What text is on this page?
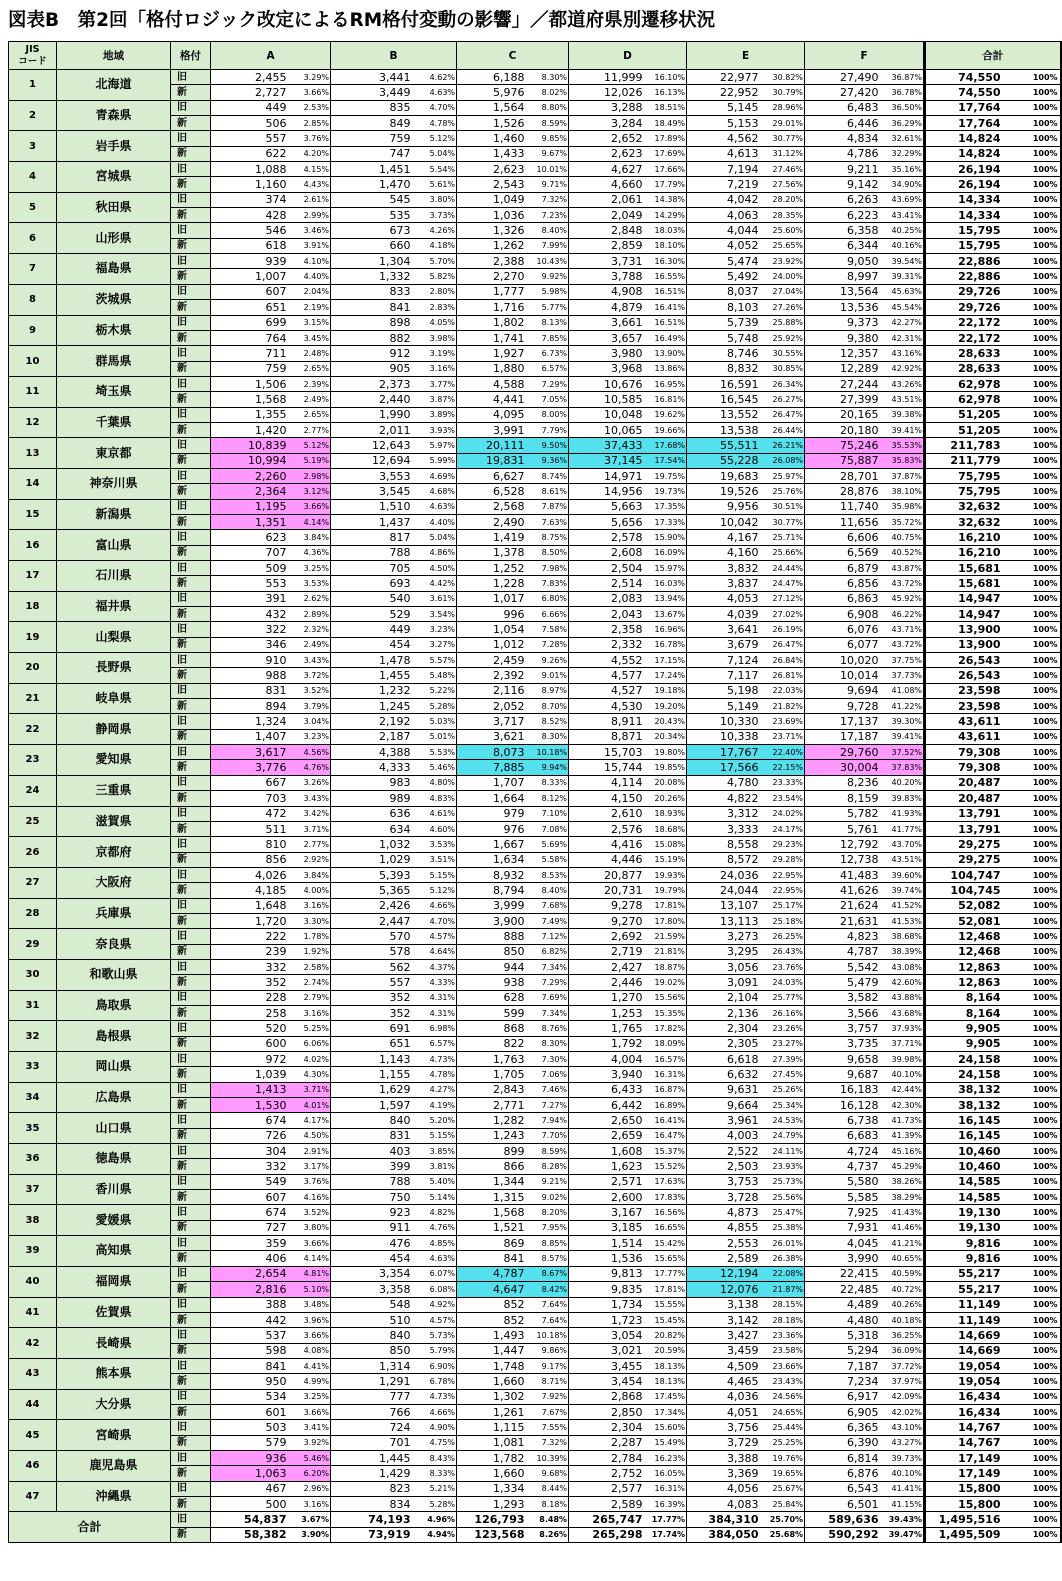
図表B　第2回「格付ロジック改定によるRM格付変動の影響」／都道府県別遷移状況
JIS
コード	地域	格付	A		B		C		D		E		F		合計	
1	北海道	旧	2,455	3.29%	3,441	4.62%	6,188	8.30%	11,999	16.10%	22,977	30.82%	27,490	36.87%	74,550	100%
		新	2,727	3.66%	3,449	4.63%	5,976	8.02%	12,026	16.13%	22,952	30.79%	27,420	36.78%	74,550	100%
2	青森県	旧	449	2.53%	835	4.70%	1,564	8.80%	3,288	18.51%	5,145	28.96%	6,483	36.50%	17,764	100%
		新	506	2.85%	849	4.78%	1,526	8.59%	3,284	18.49%	5,153	29.01%	6,446	36.29%	17,764	100%
3	岩手県	旧	557	3.76%	759	5.12%	1,460	9.85%	2,652	17.89%	4,562	30.77%	4,834	32.61%	14,824	100%
		新	622	4.20%	747	5.04%	1,433	9.67%	2,623	17.69%	4,613	31.12%	4,786	32.29%	14,824	100%
4	宮城県	旧	1,088	4.15%	1,451	5.54%	2,623	10.01%	4,627	17.66%	7,194	27.46%	9,211	35.16%	26,194	100%
		新	1,160	4.43%	1,470	5.61%	2,543	9.71%	4,660	17.79%	7,219	27.56%	9,142	34.90%	26,194	100%
5	秋田県	旧	374	2.61%	545	3.80%	1,049	7.32%	2,061	14.38%	4,042	28.20%	6,263	43.69%	14,334	100%
		新	428	2.99%	535	3.73%	1,036	7.23%	2,049	14.29%	4,063	28.35%	6,223	43.41%	14,334	100%
6	山形県	旧	546	3.46%	673	4.26%	1,326	8.40%	2,848	18.03%	4,044	25.60%	6,358	40.25%	15,795	100%
		新	618	3.91%	660	4.18%	1,262	7.99%	2,859	18.10%	4,052	25.65%	6,344	40.16%	15,795	100%
7	福島県	旧	939	4.10%	1,304	5.70%	2,388	10.43%	3,731	16.30%	5,474	23.92%	9,050	39.54%	22,886	100%
		新	1,007	4.40%	1,332	5.82%	2,270	9.92%	3,788	16.55%	5,492	24.00%	8,997	39.31%	22,886	100%
8	茨城県	旧	607	2.04%	833	2.80%	1,777	5.98%	4,908	16.51%	8,037	27.04%	13,564	45.63%	29,726	100%
		新	651	2.19%	841	2.83%	1,716	5.77%	4,879	16.41%	8,103	27.26%	13,536	45.54%	29,726	100%
9	栃木県	旧	699	3.15%	898	4.05%	1,802	8.13%	3,661	16.51%	5,739	25.88%	9,373	42.27%	22,172	100%
		新	764	3.45%	882	3.98%	1,741	7.85%	3,657	16.49%	5,748	25.92%	9,380	42.31%	22,172	100%
10	群馬県	旧	711	2.48%	912	3.19%	1,927	6.73%	3,980	13.90%	8,746	30.55%	12,357	43.16%	28,633	100%
		新	759	2.65%	905	3.16%	1,880	6.57%	3,968	13.86%	8,832	30.85%	12,289	42.92%	28,633	100%
11	埼玉県	旧	1,506	2.39%	2,373	3.77%	4,588	7.29%	10,676	16.95%	16,591	26.34%	27,244	43.26%	62,978	100%
		新	1,568	2.49%	2,440	3.87%	4,441	7.05%	10,585	16.81%	16,545	26.27%	27,399	43.51%	62,978	100%
12	千葉県	旧	1,355	2.65%	1,990	3.89%	4,095	8.00%	10,048	19.62%	13,552	26.47%	20,165	39.38%	51,205	100%
		新	1,420	2.77%	2,011	3.93%	3,991	7.79%	10,065	19.66%	13,538	26.44%	20,180	39.41%	51,205	100%
13	東京都	旧	10,839	5.12%	12,643	5.97%	20,111	9.50%	37,433	17.68%	55,511	26.21%	75,246	35.53%	211,783	100%
		新	10,994	5.19%	12,694	5.99%	19,831	9.36%	37,145	17.54%	55,228	26.08%	75,887	35.83%	211,779	100%
14	神奈川県	旧	2,260	2.98%	3,553	4.69%	6,627	8.74%	14,971	19.75%	19,683	25.97%	28,701	37.87%	75,795	100%
		新	2,364	3.12%	3,545	4.68%	6,528	8.61%	14,956	19.73%	19,526	25.76%	28,876	38.10%	75,795	100%
15	新潟県	旧	1,195	3.66%	1,510	4.63%	2,568	7.87%	5,663	17.35%	9,956	30.51%	11,740	35.98%	32,632	100%
		新	1,351	4.14%	1,437	4.40%	2,490	7.63%	5,656	17.33%	10,042	30.77%	11,656	35.72%	32,632	100%
16	富山県	旧	623	3.84%	817	5.04%	1,419	8.75%	2,578	15.90%	4,167	25.71%	6,606	40.75%	16,210	100%
		新	707	4.36%	788	4.86%	1,378	8.50%	2,608	16.09%	4,160	25.66%	6,569	40.52%	16,210	100%
17	石川県	旧	509	3.25%	705	4.50%	1,252	7.98%	2,504	15.97%	3,832	24.44%	6,879	43.87%	15,681	100%
		新	553	3.53%	693	4.42%	1,228	7.83%	2,514	16.03%	3,837	24.47%	6,856	43.72%	15,681	100%
18	福井県	旧	391	2.62%	540	3.61%	1,017	6.80%	2,083	13.94%	4,053	27.12%	6,863	45.92%	14,947	100%
		新	432	2.89%	529	3.54%	996	6.66%	2,043	13.67%	4,039	27.02%	6,908	46.22%	14,947	100%
19	山梨県	旧	322	2.32%	449	3.23%	1,054	7.58%	2,358	16.96%	3,641	26.19%	6,076	43.71%	13,900	100%
		新	346	2.49%	454	3.27%	1,012	7.28%	2,332	16.78%	3,679	26.47%	6,077	43.72%	13,900	100%
20	長野県	旧	910	3.43%	1,478	5.57%	2,459	9.26%	4,552	17.15%	7,124	26.84%	10,020	37.75%	26,543	100%
		新	988	3.72%	1,455	5.48%	2,392	9.01%	4,577	17.24%	7,117	26.81%	10,014	37.73%	26,543	100%
21	岐阜県	旧	831	3.52%	1,232	5.22%	2,116	8.97%	4,527	19.18%	5,198	22.03%	9,694	41.08%	23,598	100%
		新	894	3.79%	1,245	5.28%	2,052	8.70%	4,530	19.20%	5,149	21.82%	9,728	41.22%	23,598	100%
22	静岡県	旧	1,324	3.04%	2,192	5.03%	3,717	8.52%	8,911	20.43%	10,330	23.69%	17,137	39.30%	43,611	100%
		新	1,407	3.23%	2,187	5.01%	3,621	8.30%	8,871	20.34%	10,338	23.71%	17,187	39.41%	43,611	100%
23	愛知県	旧	3,617	4.56%	4,388	5.53%	8,073	10.18%	15,703	19.80%	17,767	22.40%	29,760	37.52%	79,308	100%
		新	3,776	4.76%	4,333	5.46%	7,885	9.94%	15,744	19.85%	17,566	22.15%	30,004	37.83%	79,308	100%
24	三重県	旧	667	3.26%	983	4.80%	1,707	8.33%	4,114	20.08%	4,780	23.33%	8,236	40.20%	20,487	100%
		新	703	3.43%	989	4.83%	1,664	8.12%	4,150	20.26%	4,822	23.54%	8,159	39.83%	20,487	100%
25	滋賀県	旧	472	3.42%	636	4.61%	979	7.10%	2,610	18.93%	3,312	24.02%	5,782	41.93%	13,791	100%
		新	511	3.71%	634	4.60%	976	7.08%	2,576	18.68%	3,333	24.17%	5,761	41.77%	13,791	100%
26	京都府	旧	810	2.77%	1,032	3.53%	1,667	5.69%	4,416	15.08%	8,558	29.23%	12,792	43.70%	29,275	100%
		新	856	2.92%	1,029	3.51%	1,634	5.58%	4,446	15.19%	8,572	29.28%	12,738	43.51%	29,275	100%
27	大阪府	旧	4,026	3.84%	5,393	5.15%	8,932	8.53%	20,877	19.93%	24,036	22.95%	41,483	39.60%	104,747	100%
		新	4,185	4.00%	5,365	5.12%	8,794	8.40%	20,731	19.79%	24,044	22.95%	41,626	39.74%	104,745	100%
28	兵庫県	旧	1,648	3.16%	2,426	4.66%	3,999	7.68%	9,278	17.81%	13,107	25.17%	21,624	41.52%	52,082	100%
		新	1,720	3.30%	2,447	4.70%	3,900	7.49%	9,270	17.80%	13,113	25.18%	21,631	41.53%	52,081	100%
29	奈良県	旧	222	1.78%	570	4.57%	888	7.12%	2,692	21.59%	3,273	26.25%	4,823	38.68%	12,468	100%
		新	239	1.92%	578	4.64%	850	6.82%	2,719	21.81%	3,295	26.43%	4,787	38.39%	12,468	100%
30	和歌山県	旧	332	2.58%	562	4.37%	944	7.34%	2,427	18.87%	3,056	23.76%	5,542	43.08%	12,863	100%
		新	352	2.74%	557	4.33%	938	7.29%	2,446	19.02%	3,091	24.03%	5,479	42.60%	12,863	100%
31	鳥取県	旧	228	2.79%	352	4.31%	628	7.69%	1,270	15.56%	2,104	25.77%	3,582	43.88%	8,164	100%
		新	258	3.16%	352	4.31%	599	7.34%	1,253	15.35%	2,136	26.16%	3,566	43.68%	8,164	100%
32	島根県	旧	520	5.25%	691	6.98%	868	8.76%	1,765	17.82%	2,304	23.26%	3,757	37.93%	9,905	100%
		新	600	6.06%	651	6.57%	822	8.30%	1,792	18.09%	2,305	23.27%	3,735	37.71%	9,905	100%
33	岡山県	旧	972	4.02%	1,143	4.73%	1,763	7.30%	4,004	16.57%	6,618	27.39%	9,658	39.98%	24,158	100%
		新	1,039	4.30%	1,155	4.78%	1,705	7.06%	3,940	16.31%	6,632	27.45%	9,687	40.10%	24,158	100%
34	広島県	旧	1,413	3.71%	1,629	4.27%	2,843	7.46%	6,433	16.87%	9,631	25.26%	16,183	42.44%	38,132	100%
		新	1,530	4.01%	1,597	4.19%	2,771	7.27%	6,442	16.89%	9,664	25.34%	16,128	42.30%	38,132	100%
35	山口県	旧	674	4.17%	840	5.20%	1,282	7.94%	2,650	16.41%	3,961	24.53%	6,738	41.73%	16,145	100%
		新	726	4.50%	831	5.15%	1,243	7.70%	2,659	16.47%	4,003	24.79%	6,683	41.39%	16,145	100%
36	徳島県	旧	304	2.91%	403	3.85%	899	8.59%	1,608	15.37%	2,522	24.11%	4,724	45.16%	10,460	100%
		新	332	3.17%	399	3.81%	866	8.28%	1,623	15.52%	2,503	23.93%	4,737	45.29%	10,460	100%
37	香川県	旧	549	3.76%	788	5.40%	1,344	9.21%	2,571	17.63%	3,753	25.73%	5,580	38.26%	14,585	100%
		新	607	4.16%	750	5.14%	1,315	9.02%	2,600	17.83%	3,728	25.56%	5,585	38.29%	14,585	100%
38	愛媛県	旧	674	3.52%	923	4.82%	1,568	8.20%	3,167	16.56%	4,873	25.47%	7,925	41.43%	19,130	100%
		新	727	3.80%	911	4.76%	1,521	7.95%	3,185	16.65%	4,855	25.38%	7,931	41.46%	19,130	100%
39	高知県	旧	359	3.66%	476	4.85%	869	8.85%	1,514	15.42%	2,553	26.01%	4,045	41.21%	9,816	100%
		新	406	4.14%	454	4.63%	841	8.57%	1,536	15.65%	2,589	26.38%	3,990	40.65%	9,816	100%
40	福岡県	旧	2,654	4.81%	3,354	6.07%	4,787	8.67%	9,813	17.77%	12,194	22.08%	22,415	40.59%	55,217	100%
		新	2,816	5.10%	3,358	6.08%	4,647	8.42%	9,835	17.81%	12,076	21.87%	22,485	40.72%	55,217	100%
41	佐賀県	旧	388	3.48%	548	4.92%	852	7.64%	1,734	15.55%	3,138	28.15%	4,489	40.26%	11,149	100%
		新	442	3.96%	510	4.57%	852	7.64%	1,723	15.45%	3,142	28.18%	4,480	40.18%	11,149	100%
42	長崎県	旧	537	3.66%	840	5.73%	1,493	10.18%	3,054	20.82%	3,427	23.36%	5,318	36.25%	14,669	100%
		新	598	4.08%	850	5.79%	1,447	9.86%	3,021	20.59%	3,459	23.58%	5,294	36.09%	14,669	100%
43	熊本県	旧	841	4.41%	1,314	6.90%	1,748	9.17%	3,455	18.13%	4,509	23.66%	7,187	37.72%	19,054	100%
		新	950	4.99%	1,291	6.78%	1,660	8.71%	3,454	18.13%	4,465	23.43%	7,234	37.97%	19,054	100%
44	大分県	旧	534	3.25%	777	4.73%	1,302	7.92%	2,868	17.45%	4,036	24.56%	6,917	42.09%	16,434	100%
		新	601	3.66%	766	4.66%	1,261	7.67%	2,850	17.34%	4,051	24.65%	6,905	42.02%	16,434	100%
45	宮崎県	旧	503	3.41%	724	4.90%	1,115	7.55%	2,304	15.60%	3,756	25.44%	6,365	43.10%	14,767	100%
		新	579	3.92%	701	4.75%	1,081	7.32%	2,287	15.49%	3,729	25.25%	6,390	43.27%	14,767	100%
46	鹿児島県	旧	936	5.46%	1,445	8.43%	1,782	10.39%	2,784	16.23%	3,388	19.76%	6,814	39.73%	17,149	100%
		新	1,063	6.20%	1,429	8.33%	1,660	9.68%	2,752	16.05%	3,369	19.65%	6,876	40.10%	17,149	100%
47	沖縄県	旧	467	2.96%	823	5.21%	1,334	8.44%	2,577	16.31%	4,056	25.67%	6,543	41.41%	15,800	100%
		新	500	3.16%	834	5.28%	1,293	8.18%	2,589	16.39%	4,083	25.84%	6,501	41.15%	15,800	100%
合計		旧	54,837	3.67%	74,193	4.96%	126,793	8.48%	265,747	17.77%	384,310	25.70%	589,636	39.43%	1,495,516	100%
		新	58,382	3.90%	73,919	4.94%	123,568	8.26%	265,298	17.74%	384,050	25.68%	590,292	39.47%	1,495,509	100%
